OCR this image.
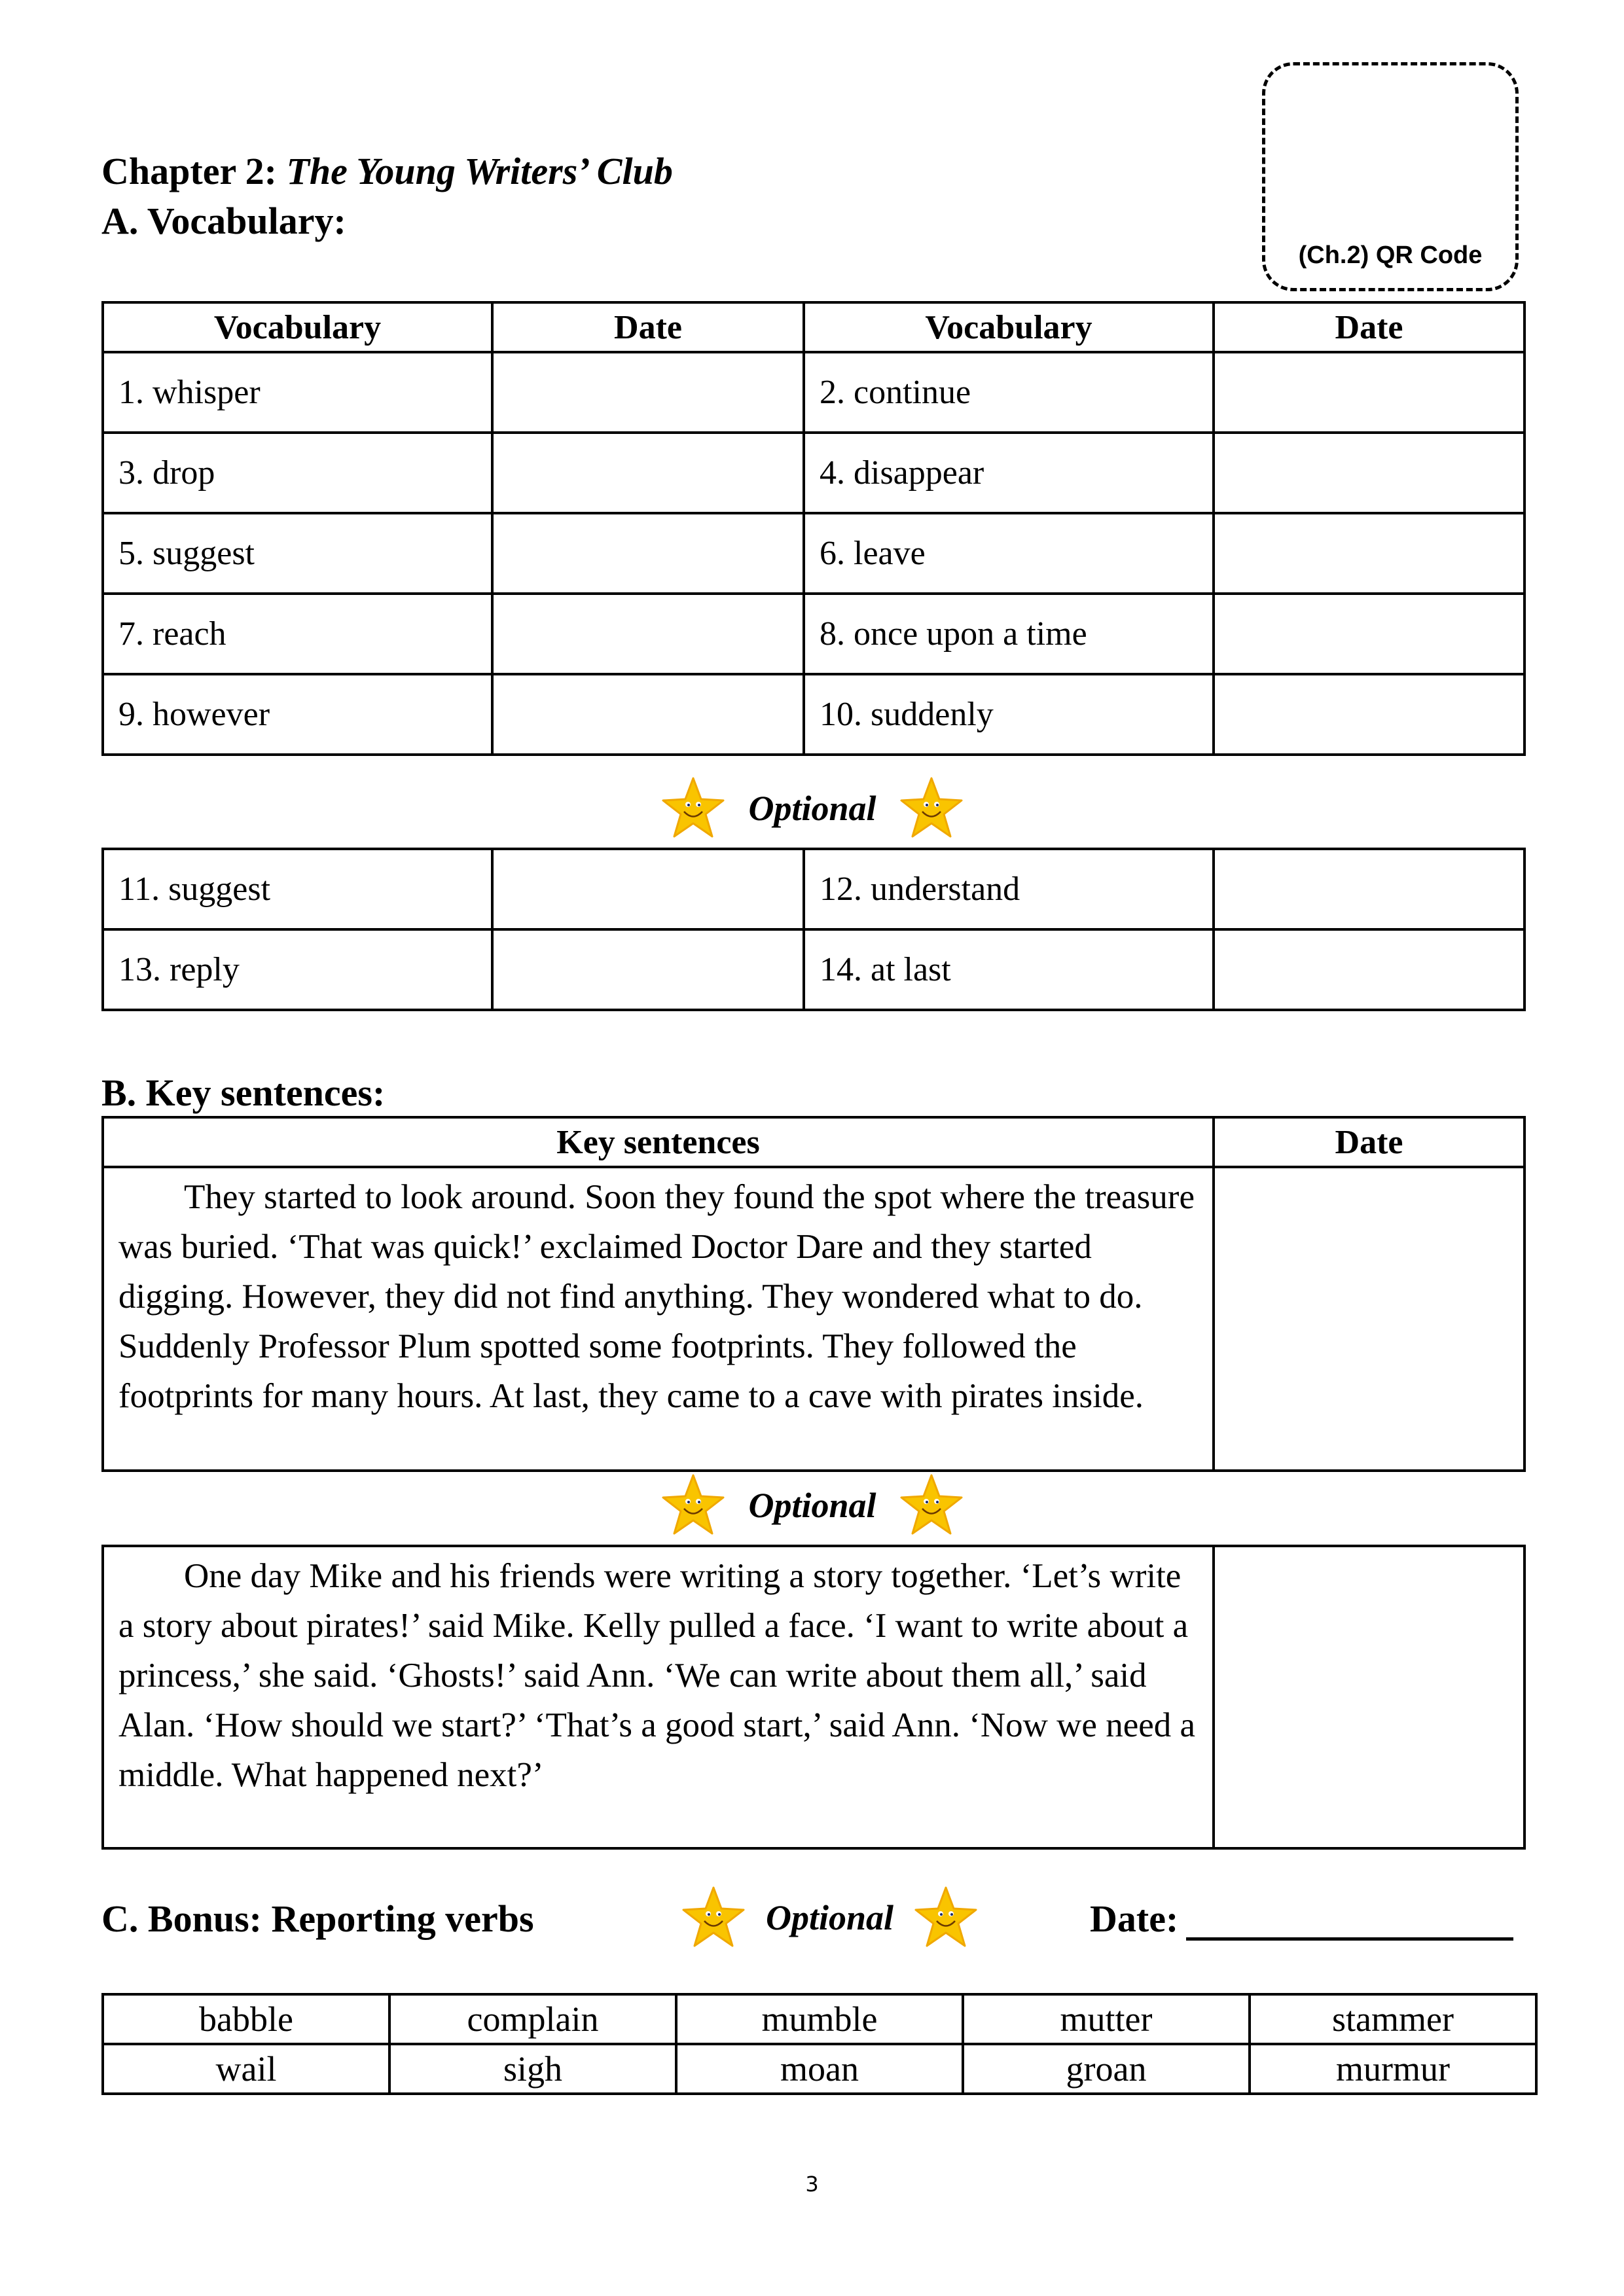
Chapter 2: The Young Writers’ Club
A. Vocabulary:
(Ch.2) QR Code
Vocabulary	Date	Vocabulary	Date
1. whisper		2. continue	
3. drop		4. disappear	
5. suggest		6. leave	
7. reach		8. once upon a time	
9. however		10. suddenly	
Optional
11. suggest		12. understand	
13. reply		14. at last	
B. Key sentences:
Key sentences	Date

They started to look around. Soon they found the spot where the treasure was buried. ‘That was quick!’ exclaimed Doctor Dare and they started digging. However, they did not find anything. They wondered what to do. Suddenly Professor Plum spotted some footprints. They followed the footprints for many hours. At last, they came to a cave with pirates inside.	

Optional

One day Mike and his friends were writing a story together. ‘Let’s write a story about pirates!’ said Mike. Kelly pulled a face. ‘I want to write about a princess,’ she said. ‘Ghosts!’ said Ann. ‘We can write about them all,’ said Alan. ‘How should we start?’ ‘That’s a good start,’ said Ann. ‘Now we need a middle. What happened next?’

C. Bonus: Reporting verbs	Optional	Date:
babble	complain	mumble	mutter	stammer
wail	sigh	moan	groan	murmur
3
